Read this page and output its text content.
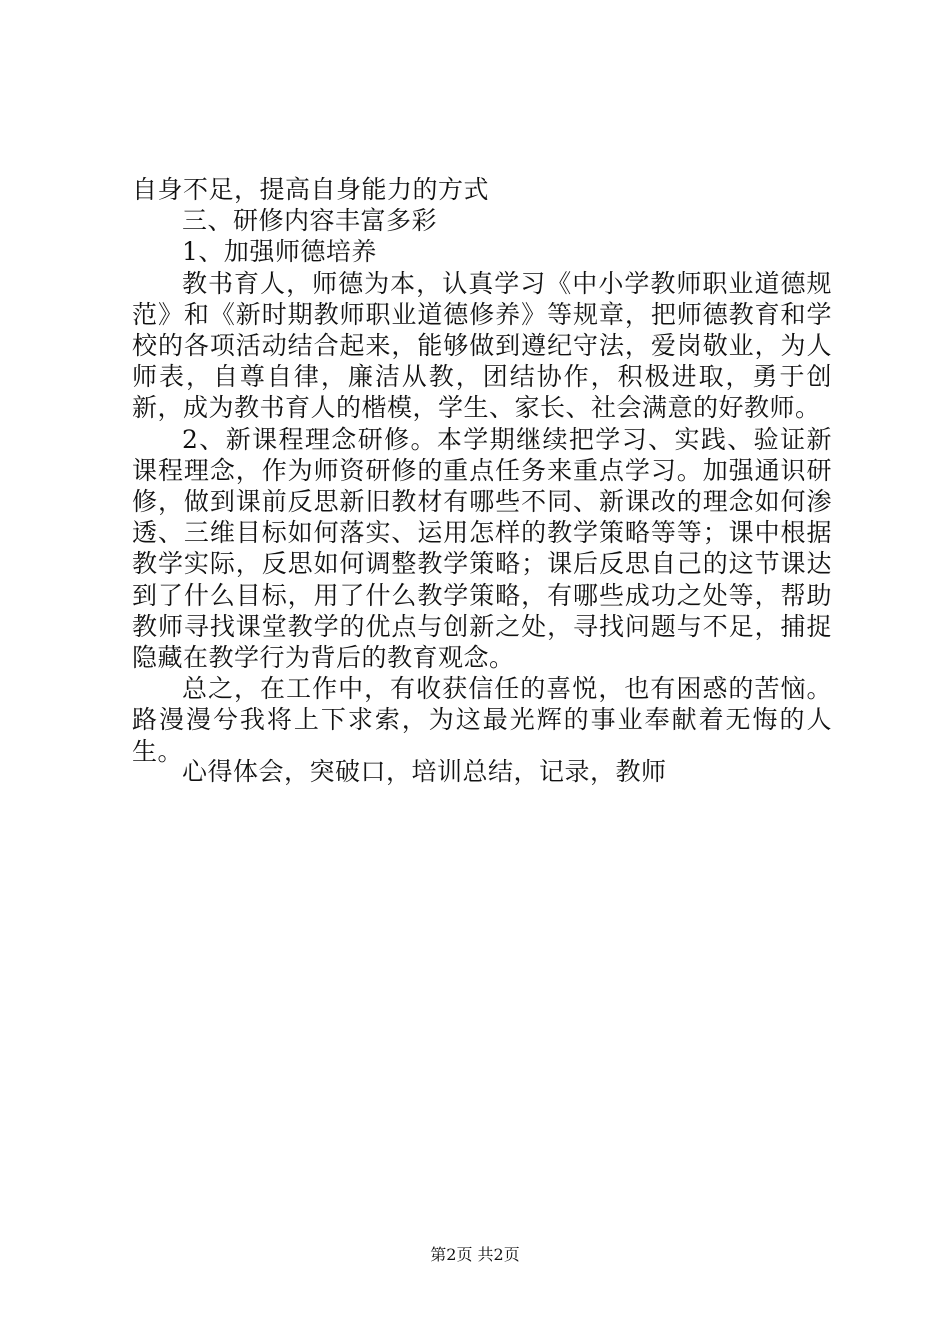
自身不足，提高自身能力的方式

三、研修内容丰富多彩

1、加强师德培养

教书育人，师德为本，认真学习《中小学教师职业道德规范》和《新时期教师职业道德修养》等规章，把师德教育和学校的各项活动结合起来，能够做到遵纪守法，爱岗敬业，为人师表，自尊自律，廉洁从教，团结协作，积极进取，勇于创新，成为教书育人的楷模，学生、家长、社会满意的好教师。

2、新课程理念研修。本学期继续把学习、实践、验证新课程理念，作为师资研修的重点任务来重点学习。加强通识研修，做到课前反思新旧教材有哪些不同、新课改的理念如何渗透、三维目标如何落实、运用怎样的教学策略等等；课中根据教学实际，反思如何调整教学策略；课后反思自己的这节课达到了什么目标，用了什么教学策略，有哪些成功之处等，帮助教师寻找课堂教学的优点与创新之处，寻找问题与不足，捕捉隐藏在教学行为背后的教育观念。

总之，在工作中，有收获信任的喜悦，也有困惑的苦恼。路漫漫兮我将上下求索，为这最光辉的事业奉献着无悔的人生。

心得体会，突破口，培训总结，记录，教师
第2页 共2页
